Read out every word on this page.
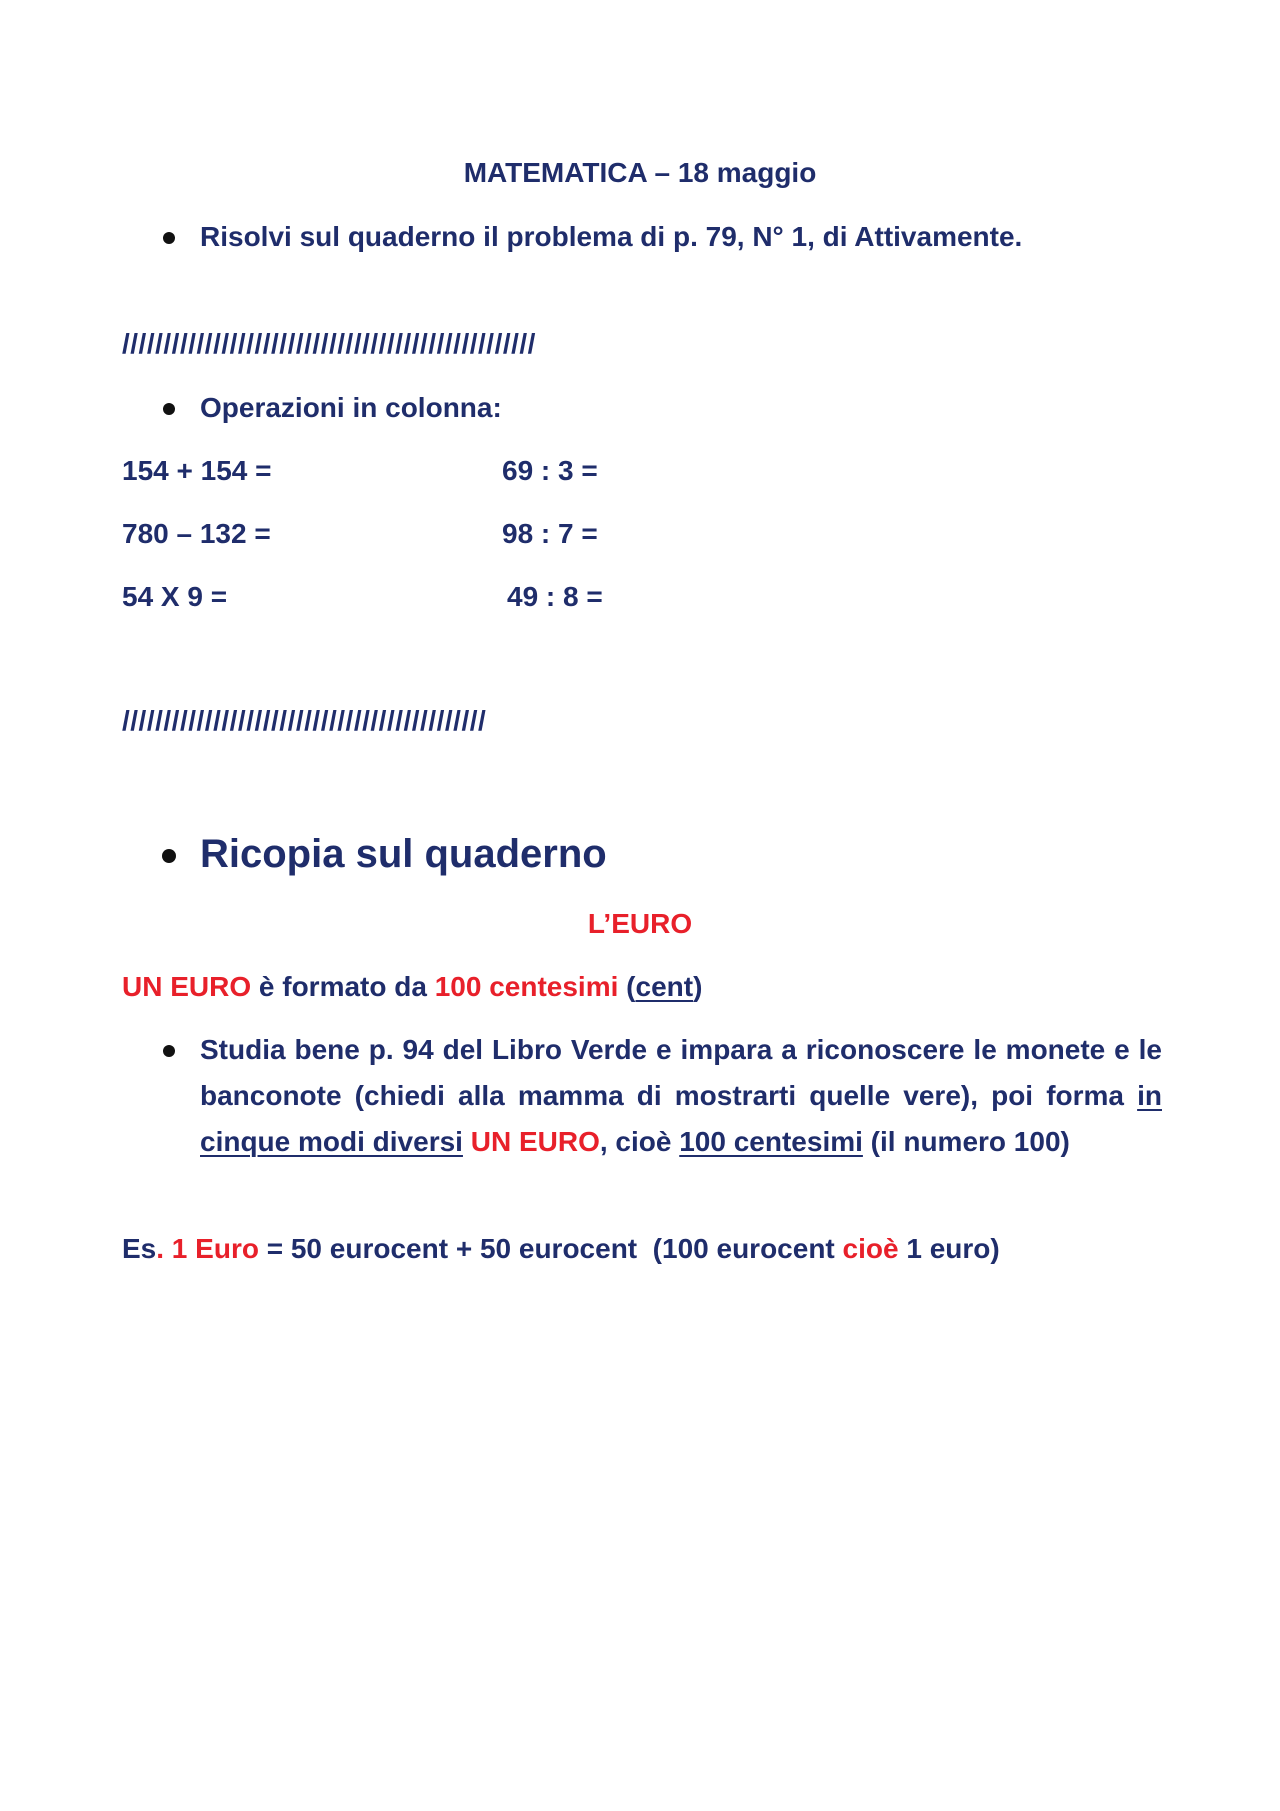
MATEMATICA – 18 maggio
Risolvi sul quaderno il problema di p. 79, N° 1, di Attivamente.
//////////////////////////////////////////////////
Operazioni in colonna:
154 + 154 =
780 – 132 =
54 X 9 =
69 : 3 =
98 : 7 =
49 : 8 =
////////////////////////////////////////////
Ricopia sul quaderno
L’EURO
UN EURO è formato da 100 centesimi (cent)
Studia bene p. 94 del Libro Verde e impara a riconoscere le monete e le banconote (chiedi alla mamma di mostrarti quelle vere), poi forma in cinque modi diversi UN EURO, cioè 100 centesimi (il numero 100)
Es. 1 Euro = 50 eurocent + 50 eurocent  (100 eurocent cioè 1 euro)
